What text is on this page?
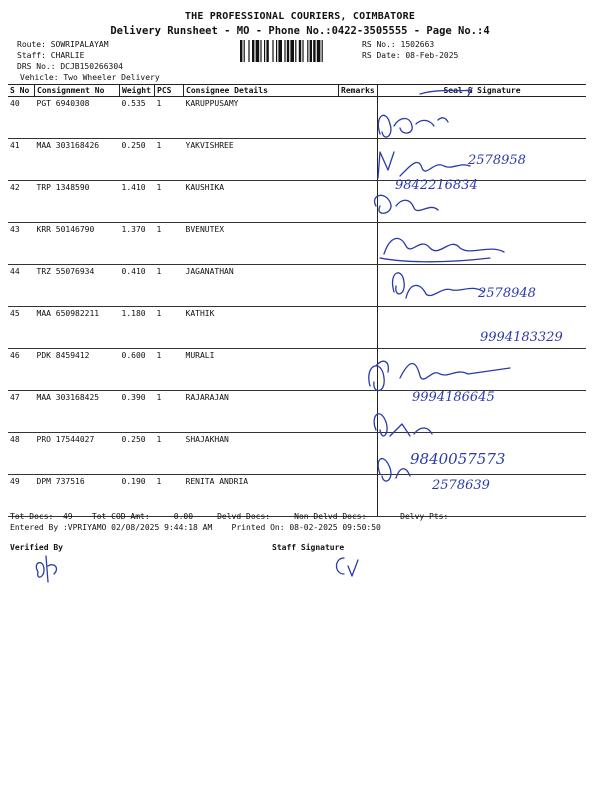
THE PROFESSIONAL COURIERS, COIMBATORE
Delivery Runsheet - MO - Phone No.:0422-3505555 - Page No.:4
Route: SOWRIPALAYAM
Staff: CHARLIE
DRS No.: DCJB150266304
Vehicle: Two Wheeler Delivery
RS No.: 1502663
RS Date: 08-Feb-2025
S No	Consignment No	Weight	PCS	Consignee Details	Remarks	Seal & Signature
40	PGT 6940308	0.535	1	KARUPPUSAMY		
41	MAA 303168426	0.250	1	YAKVISHREE		
42	TRP 1348590	1.410	1	KAUSHIKA		
43	KRR 50146790	1.370	1	BVENUTEX		
44	TRZ 55076934	0.410	1	JAGANATHAN		
45	MAA 650982211	1.180	1	KATHIK		
46	PDK 8459412	0.600	1	MURALI		
47	MAA 303168425	0.390	1	RAJARAJAN		
48	PRO 17544027	0.250	1	SHAJAKHAN		
49	DPM 737516	0.190	1	RENITA ANDRIA		
2578958
9842216834
2578948
9994183329
9994186645
9840057573
2578639
Tot Docs:  49    Tot COD Amt:     0.00     Delvd Docs:     Non Delvd Docs:       Delvy Pts:
Entered By :VPRIYAMO 02/08/2025 9:44:18 AM    Printed On: 08-02-2025 09:50:50
Verified By	Staff Signature
